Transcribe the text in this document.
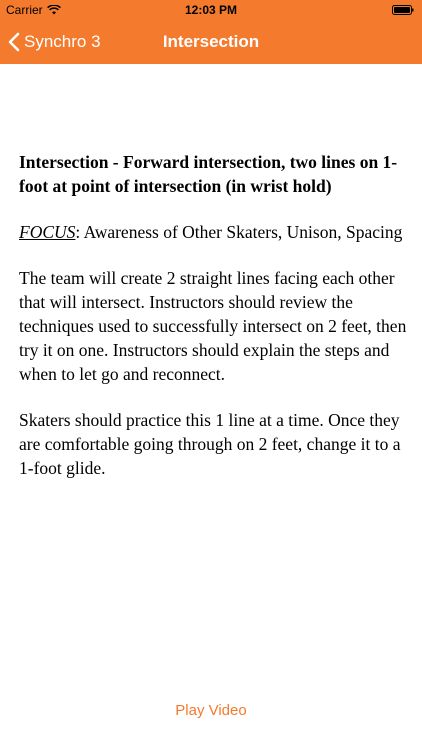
Carrier	12:03 PM
Synchro 3	Intersection

Intersection - Forward intersection, two lines on 1-foot at point of intersection (in wrist hold)

FOCUS: Awareness of Other Skaters, Unison, Spacing

The team will create 2 straight lines facing each other that will intersect. Instructors should review the techniques used to successfully intersect on 2 feet, then try it on one. Instructors should explain the steps and when to let go and reconnect.

Skaters should practice this 1 line at a time. Once they are comfortable going through on 2 feet, change it to a 1-foot glide.

Play Video
